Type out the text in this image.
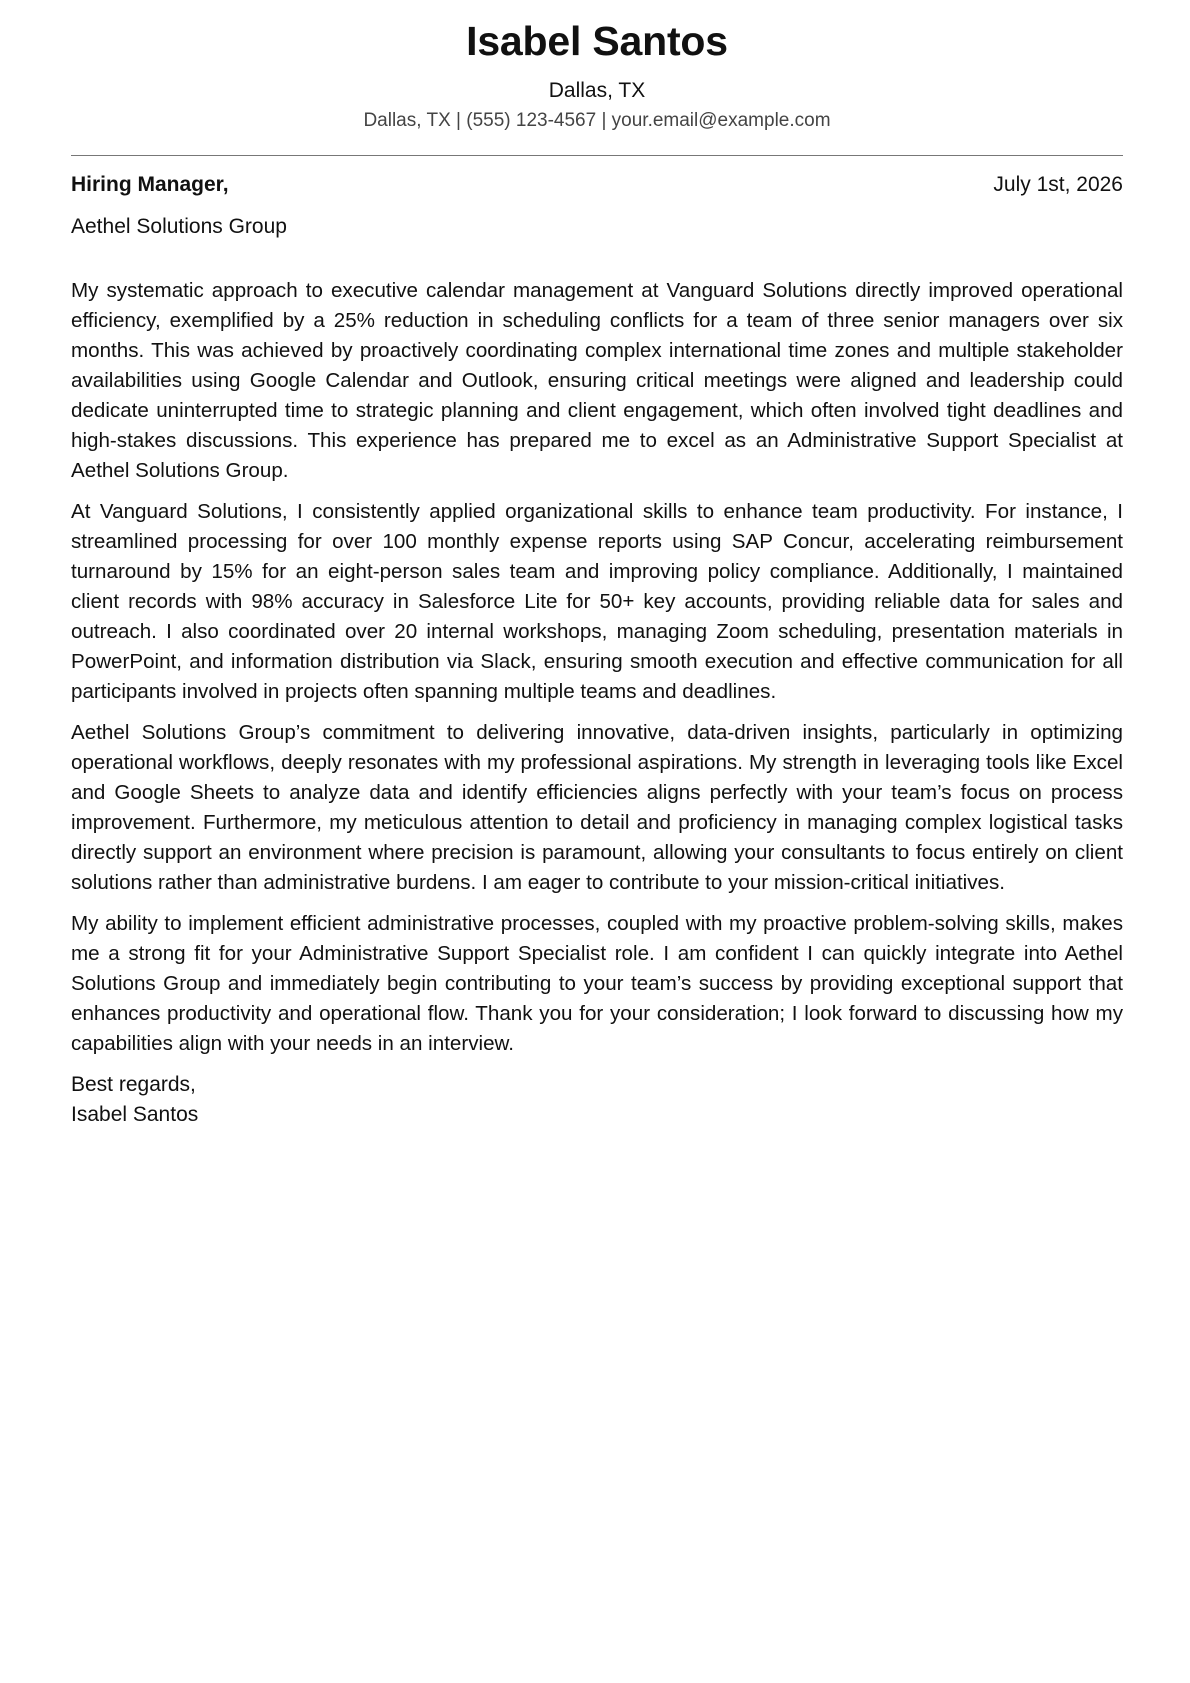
Isabel Santos
Dallas, TX
Dallas, TX | (555) 123-4567 | your.email@example.com
Hiring Manager,	July 1st, 2026
Aethel Solutions Group

My systematic approach to executive calendar management at Vanguard Solutions directly improved operational efficiency, exemplified by a 25% reduction in scheduling conflicts for a team of three senior managers over six months. This was achieved by proactively coordinating complex international time zones and multiple stakeholder availabilities using Google Calendar and Outlook, ensuring critical meetings were aligned and leadership could dedicate uninterrupted time to strategic planning and client engagement, which often involved tight deadlines and high-stakes discussions. This experience has prepared me to excel as an Administrative Support Specialist at Aethel Solutions Group.

At Vanguard Solutions, I consistently applied organizational skills to enhance team productivity. For instance, I streamlined processing for over 100 monthly expense reports using SAP Concur, accelerating reimbursement turnaround by 15% for an eight-person sales team and improving policy compliance. Additionally, I maintained client records with 98% accuracy in Salesforce Lite for 50+ key accounts, providing reliable data for sales and outreach. I also coordinated over 20 internal workshops, managing Zoom scheduling, presentation materials in PowerPoint, and information distribution via Slack, ensuring smooth execution and effective communication for all participants involved in projects often spanning multiple teams and deadlines.

Aethel Solutions Group’s commitment to delivering innovative, data-driven insights, particularly in optimizing operational workflows, deeply resonates with my professional aspirations. My strength in leveraging tools like Excel and Google Sheets to analyze data and identify efficiencies aligns perfectly with your team’s focus on process improvement. Furthermore, my meticulous attention to detail and proficiency in managing complex logistical tasks directly support an environment where precision is paramount, allowing your consultants to focus entirely on client solutions rather than administrative burdens. I am eager to contribute to your mission-critical initiatives.

My ability to implement efficient administrative processes, coupled with my proactive problem-solving skills, makes me a strong fit for your Administrative Support Specialist role. I am confident I can quickly integrate into Aethel Solutions Group and immediately begin contributing to your team’s success by providing exceptional support that enhances productivity and operational flow. Thank you for your consideration; I look forward to discussing how my capabilities align with your needs in an interview.

Best regards,
Isabel Santos
